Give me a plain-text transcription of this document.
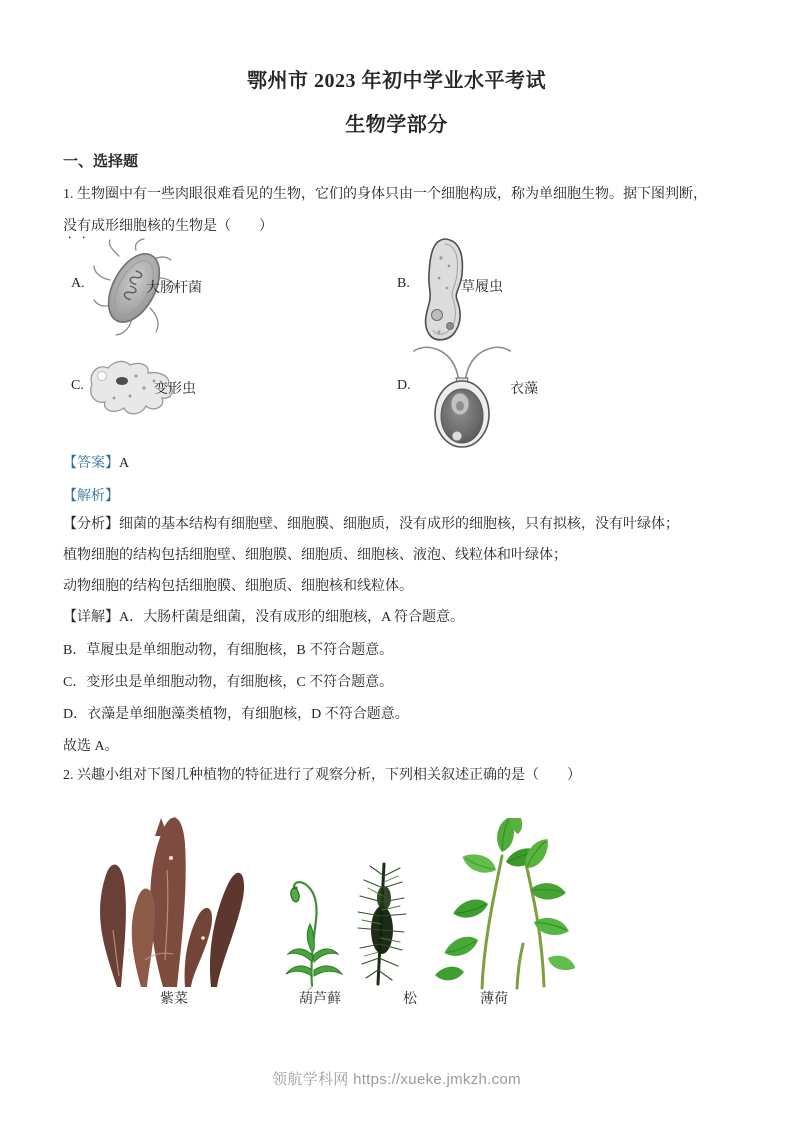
鄂州市 2023 年初中学业水平考试
生物学部分
一、选择题
1. 生物圈中有一些肉眼很难看见的生物，它们的身体只由一个细胞构成，称为单细胞生物。据下图判断，
没有成形细胞核的生物是（　　）
A.	大肠杆菌	B.	草履虫
C.	变形虫	D.	衣藻
【答案】A
【解析】
【分析】细菌的基本结构有细胞壁、细胞膜、细胞质，没有成形的细胞核，只有拟核，没有叶绿体；
植物细胞的结构包括细胞壁、细胞膜、细胞质、细胞核、液泡、线粒体和叶绿体；
动物细胞的结构包括细胞膜、细胞质、细胞核和线粒体。
【详解】A．大肠杆菌是细菌，没有成形的细胞核，A 符合题意。
B．草履虫是单细胞动物，有细胞核，B 不符合题意。
C．变形虫是单细胞动物，有细胞核，C 不符合题意。
D．衣藻是单细胞藻类植物，有细胞核，D 不符合题意。
故选 A。
2. 兴趣小组对下图几种植物的特征进行了观察分析，下列相关叙述正确的是（　　）
紫菜	葫芦藓	松	薄荷
领航学科网 https://xueke.jmkzh.com
